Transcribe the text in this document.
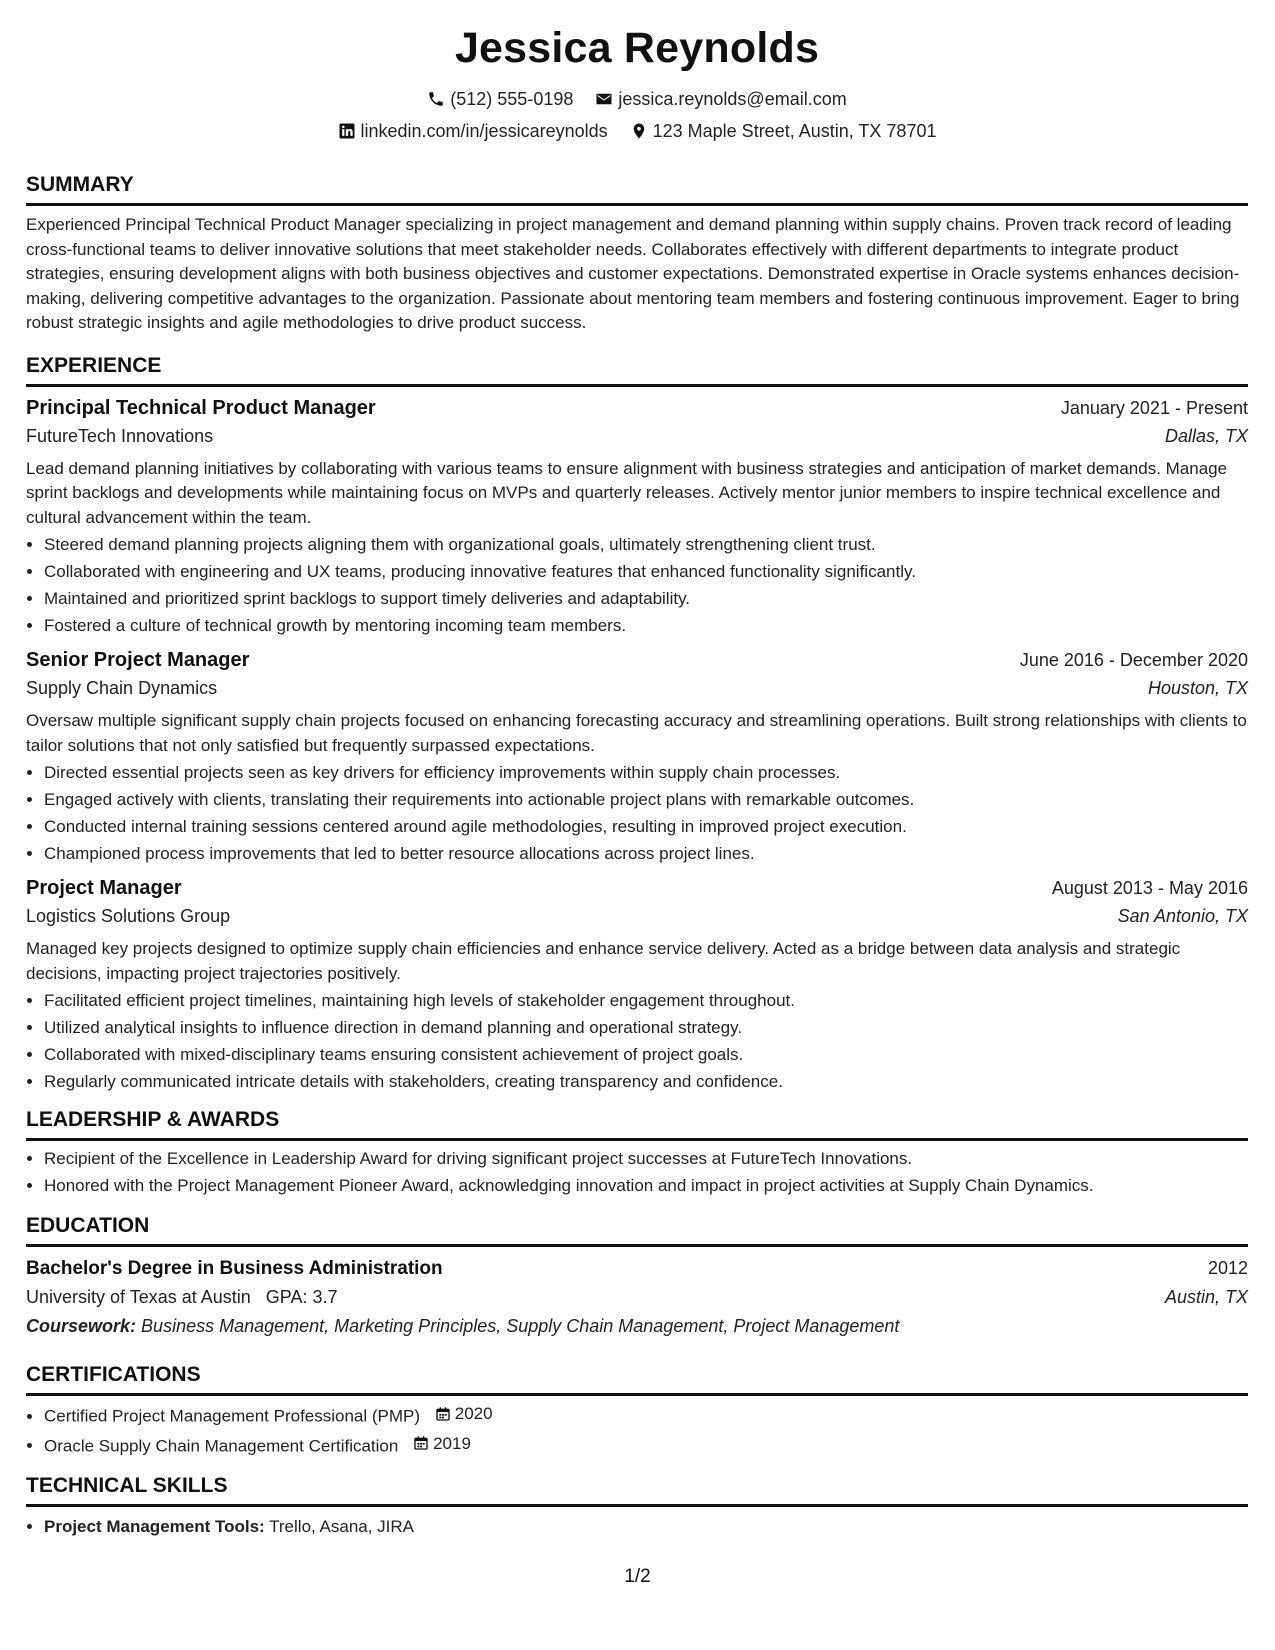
Jessica Reynolds
(512) 555-0198	jessica.reynolds@email.com
linkedin.com/in/jessicareynolds	123 Maple Street, Austin, TX 78701
SUMMARY

Experienced Principal Technical Product Manager specializing in project management and demand planning within supply chains. Proven track record of leading cross-functional teams to deliver innovative solutions that meet stakeholder needs. Collaborates effectively with different departments to integrate product strategies, ensuring development aligns with both business objectives and customer expectations. Demonstrated expertise in Oracle systems enhances decision-making, delivering competitive advantages to the organization. Passionate about mentoring team members and fostering continuous improvement. Eager to bring robust strategic insights and agile methodologies to drive product success.

EXPERIENCE
Principal Technical Product Manager	January 2021 - Present
FutureTech Innovations	Dallas, TX

Lead demand planning initiatives by collaborating with various teams to ensure alignment with business strategies and anticipation of market demands. Manage sprint backlogs and developments while maintaining focus on MVPs and quarterly releases. Actively mentor junior members to inspire technical excellence and cultural advancement within the team.

• Steered demand planning projects aligning them with organizational goals, ultimately strengthening client trust.
• Collaborated with engineering and UX teams, producing innovative features that enhanced functionality significantly.
• Maintained and prioritized sprint backlogs to support timely deliveries and adaptability.
• Fostered a culture of technical growth by mentoring incoming team members.
Senior Project Manager	June 2016 - December 2020
Supply Chain Dynamics	Houston, TX

Oversaw multiple significant supply chain projects focused on enhancing forecasting accuracy and streamlining operations. Built strong relationships with clients to tailor solutions that not only satisfied but frequently surpassed expectations.

• Directed essential projects seen as key drivers for efficiency improvements within supply chain processes.
• Engaged actively with clients, translating their requirements into actionable project plans with remarkable outcomes.
• Conducted internal training sessions centered around agile methodologies, resulting in improved project execution.
• Championed process improvements that led to better resource allocations across project lines.
Project Manager	August 2013 - May 2016
Logistics Solutions Group	San Antonio, TX

Managed key projects designed to optimize supply chain efficiencies and enhance service delivery. Acted as a bridge between data analysis and strategic decisions, impacting project trajectories positively.

• Facilitated efficient project timelines, maintaining high levels of stakeholder engagement throughout.
• Utilized analytical insights to influence direction in demand planning and operational strategy.
• Collaborated with mixed-disciplinary teams ensuring consistent achievement of project goals.
• Regularly communicated intricate details with stakeholders, creating transparency and confidence.
LEADERSHIP & AWARDS
• Recipient of the Excellence in Leadership Award for driving significant project successes at FutureTech Innovations.
• Honored with the Project Management Pioneer Award, acknowledging innovation and impact in project activities at Supply Chain Dynamics.
EDUCATION
Bachelor's Degree in Business Administration	2012
University of Texas at Austin GPA: 3.7	Austin, TX
Coursework: Business Management, Marketing Principles, Supply Chain Management, Project Management
CERTIFICATIONS
• Certified Project Management Professional (PMP) 2020
• Oracle Supply Chain Management Certification 2019
TECHNICAL SKILLS
• Project Management Tools: Trello, Asana, JIRA
1/2
